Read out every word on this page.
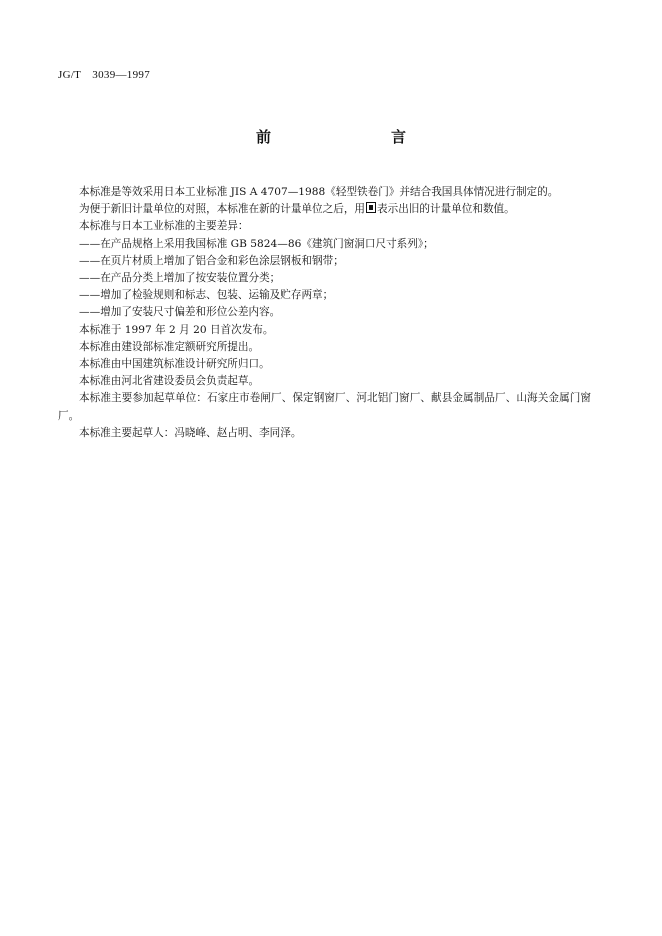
JG/T　3039—1997
前　　言

本标准是等效采用日本工业标准 JIS A 4707—1988《轻型铁卷门》并结合我国具体情况进行制定的。

为便于新旧计量单位的对照，本标准在新的计量单位之后，用 表示出旧的计量单位和数值。

本标准与日本工业标准的主要差异：

——在产品规格上采用我国标准 GB 5824—86《建筑门窗洞口尺寸系列》；

——在页片材质上增加了铝合金和彩色涂层钢板和钢带；

——在产品分类上增加了按安装位置分类；

——增加了检验规则和标志、包装、运输及贮存两章；

——增加了安装尺寸偏差和形位公差内容。

本标准于 1997 年 2 月 20 日首次发布。

本标准由建设部标准定额研究所提出。

本标准由中国建筑标准设计研究所归口。

本标准由河北省建设委员会负责起草。

本标准主要参加起草单位：石家庄市卷闸厂、保定钢窗厂、河北铝门窗厂、献县金属制品厂、山海关金属门窗厂。

本标准主要起草人：冯晓峰、赵占明、李同泽。
